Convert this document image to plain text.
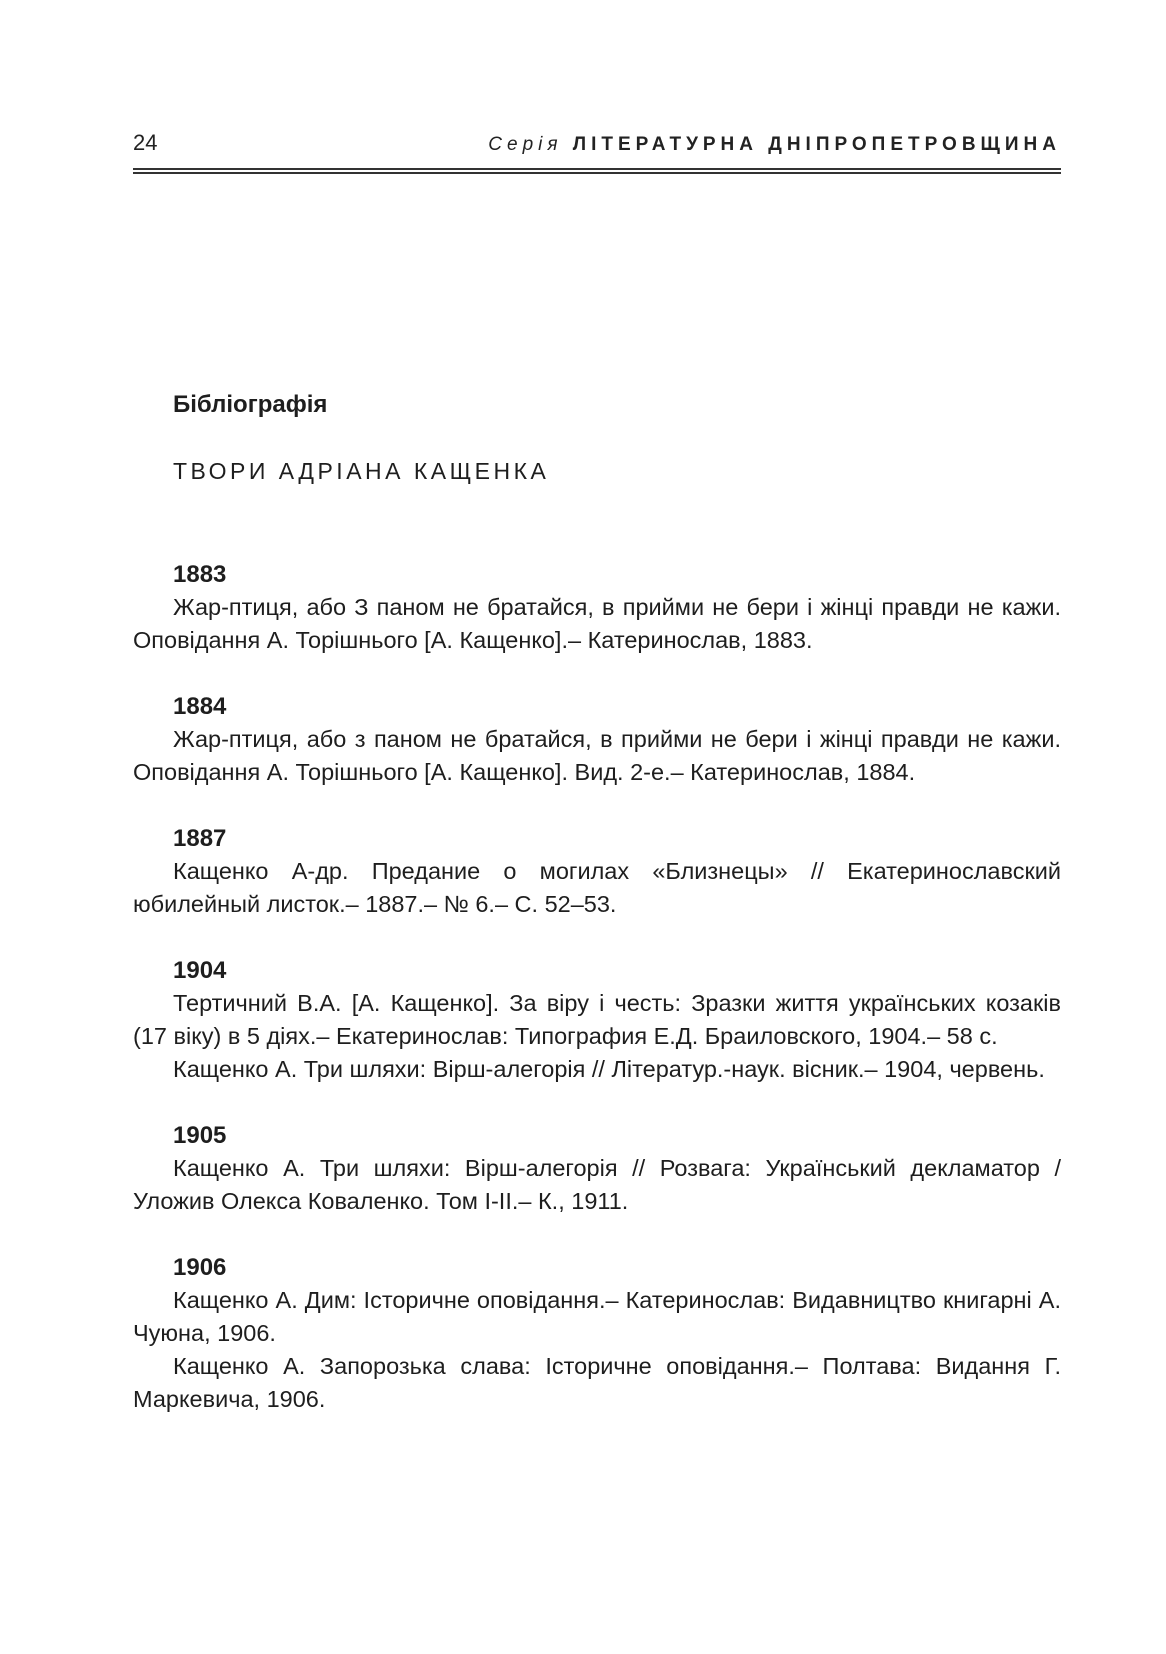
24	Серія ЛІТЕРАТУРНА ДНІПРОПЕТРОВЩИНА
Бібліографія
ТВОРИ АДРІАНА КАЩЕНКА
1883

Жар-птиця, або З паном не братайся, в прийми не бери і жінці правди не кажи. Оповідання А. Торішнього [А. Кащенко].– Катеринослав, 1883.

1884

Жар-птиця, або з паном не братайся, в прийми не бери і жінці правди не кажи. Оповідання А. Торішнього [А. Кащенко]. Вид. 2-е.– Катеринослав, 1884.

1887

Кащенко А-др. Предание о могилах «Близнецы» // Екатеринославский юбилейный листок.– 1887.– № 6.– С. 52–53.

1904

Тертичний В.А. [А. Кащенко]. За віру і честь: Зразки життя українських козаків (17 віку) в 5 діях.– Екатеринослав: Типография Е.Д. Браиловского, 1904.– 58 с.

Кащенко А. Три шляхи: Вірш-алегорія // Літератур.-наук. вісник.– 1904, червень.

1905

Кащенко А. Три шляхи: Вірш-алегорія // Розвага: Український декламатор / Уложив Олекса Коваленко. Том I-II.– К., 1911.

1906

Кащенко А. Дим: Історичне оповідання.– Катеринослав: Видавництво книгарні А. Чуюна, 1906.

Кащенко А. Запорозька слава: Історичне оповідання.– Полтава: Видання Г. Маркевича, 1906.
